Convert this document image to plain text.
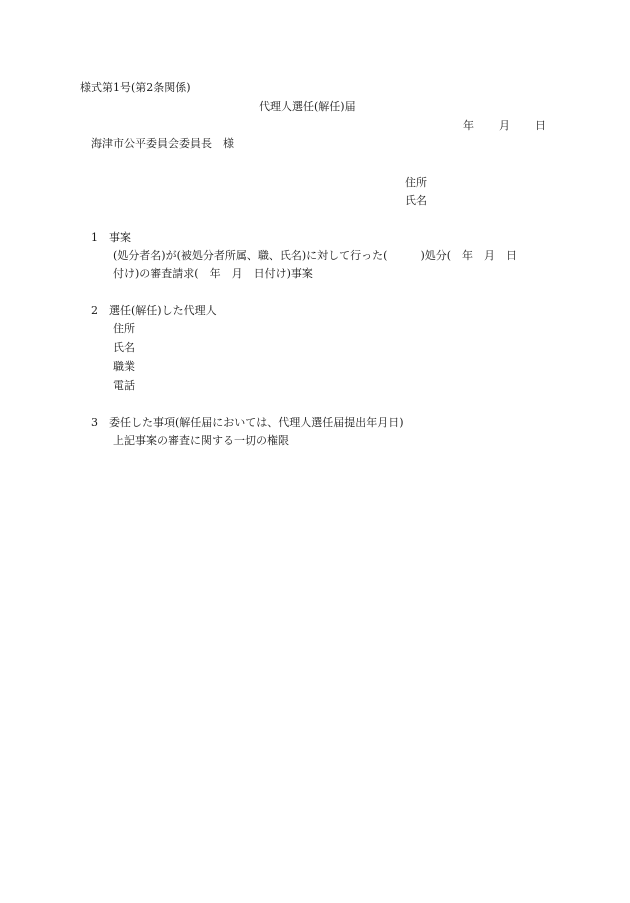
様式第1号(第2条関係)
代理人選任(解任)届
年 月 日
海津市公平委員会委員長　様
住所
氏名
1　事案
(処分者名)が(被処分者所属、職、氏名)に対して行った(　　　)処分(　年　月　日
付け)の審査請求(　年　月　日付け)事案
2　選任(解任)した代理人
住所
氏名
職業
電話
3　委任した事項(解任届においては、代理人選任届提出年月日)
上記事案の審査に関する一切の権限
